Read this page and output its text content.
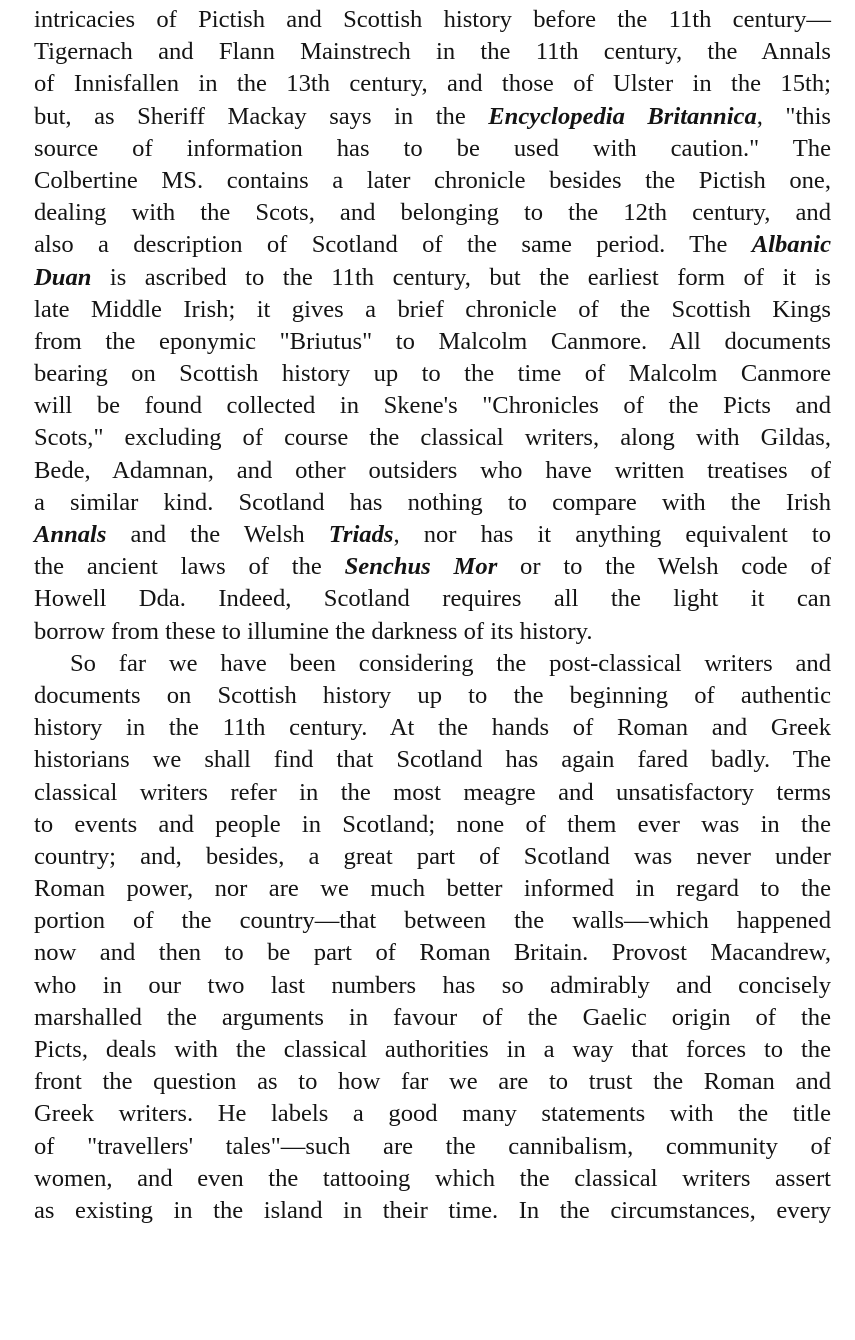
intricacies of Pictish and Scottish history before the 11th century—
Tigernach and Flann Mainstrech in the 11th century, the Annals
of Innisfallen in the 13th century, and those of Ulster in the 15th;
but, as Sheriff Mackay says in the Encyclopedia Britannica, "this
source of information has to be used with caution." The
Colbertine MS. contains a later chronicle besides the Pictish one,
dealing with the Scots, and belonging to the 12th century, and
also a description of Scotland of the same period. The Albanic
Duan is ascribed to the 11th century, but the earliest form of it is
late Middle Irish; it gives a brief chronicle of the Scottish Kings
from the eponymic "Briutus" to Malcolm Canmore. All documents
bearing on Scottish history up to the time of Malcolm Canmore
will be found collected in Skene's "Chronicles of the Picts and
Scots," excluding of course the classical writers, along with Gildas,
Bede, Adamnan, and other outsiders who have written treatises of
a similar kind. Scotland has nothing to compare with the Irish
Annals and the Welsh Triads, nor has it anything equivalent to
the ancient laws of the Senchus Mor or to the Welsh code of
Howell Dda. Indeed, Scotland requires all the light it can
borrow from these to illumine the darkness of its history.
So far we have been considering the post-classical writers and
documents on Scottish history up to the beginning of authentic
history in the 11th century. At the hands of Roman and Greek
historians we shall find that Scotland has again fared badly. The
classical writers refer in the most meagre and unsatisfactory terms
to events and people in Scotland; none of them ever was in the
country; and, besides, a great part of Scotland was never under
Roman power, nor are we much better informed in regard to the
portion of the country—that between the walls—which happened
now and then to be part of Roman Britain. Provost Macandrew,
who in our two last numbers has so admirably and concisely
marshalled the arguments in favour of the Gaelic origin of the
Picts, deals with the classical authorities in a way that forces to the
front the question as to how far we are to trust the Roman and
Greek writers. He labels a good many statements with the title
of "travellers' tales"—such are the cannibalism, community of
women, and even the tattooing which the classical writers assert
as existing in the island in their time. In the circumstances, every
